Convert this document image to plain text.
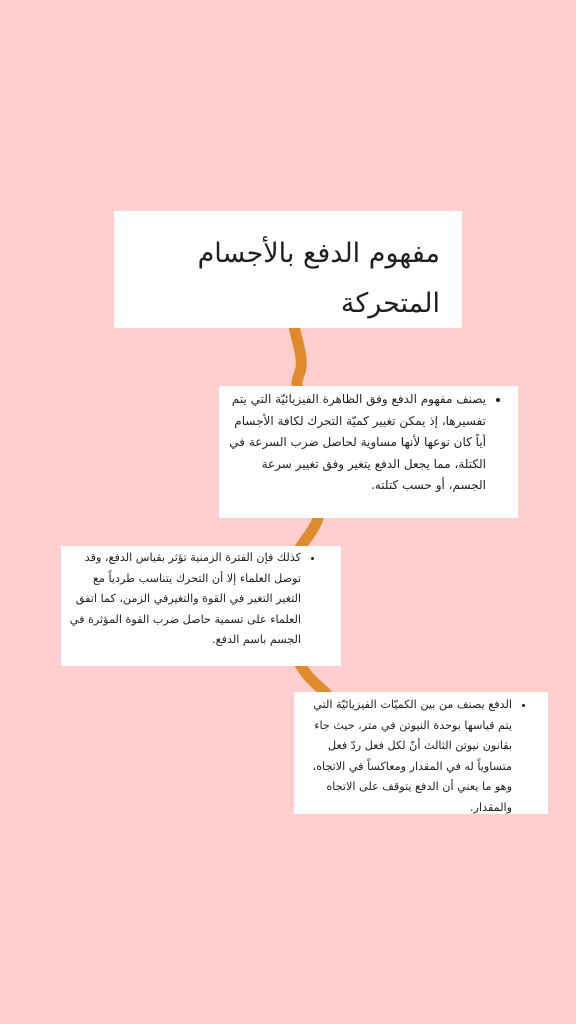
مفهوم الدفع بالأجسام المتحركة
• يصنف مفهوم الدفع وفق الظاهرة الفيزيائيّة التي يتم تفسيرها، إذ يمكن تغيير كميّة التحرك لكافة الأجسام أياً كان نوعها لأنها مساوية لحاصل ضرب السرعة في الكتلة، مما يجعل الدفع يتغير وفق تغيير سرعة الجسم، أو حسب كتلته.
• كذلك فإن الفترة الزمنية تؤثر بقياس الدفع، وقد توصل العلماء إلا أن التحرك يتناسب طردياً مع التغير التغير في القوة والتغيرفي الزمن، كما اتفق العلماء على تسمية حاصل ضرب القوة المؤثرة في الجسم باسم الدفع.
• الدفع يصنف من بين الكميّات الفيزيائيّة التي يتم قياسها بوحدة النيوتن في متر، حيث جاء بقانون نيوتن الثالث أنّ لكل فعل ردّ فعل متساوياً له في المقدار ومعاكساً في الاتجاه، وهو ما يعني أن الدفع يتوقف على الاتجاه والمقدار.
